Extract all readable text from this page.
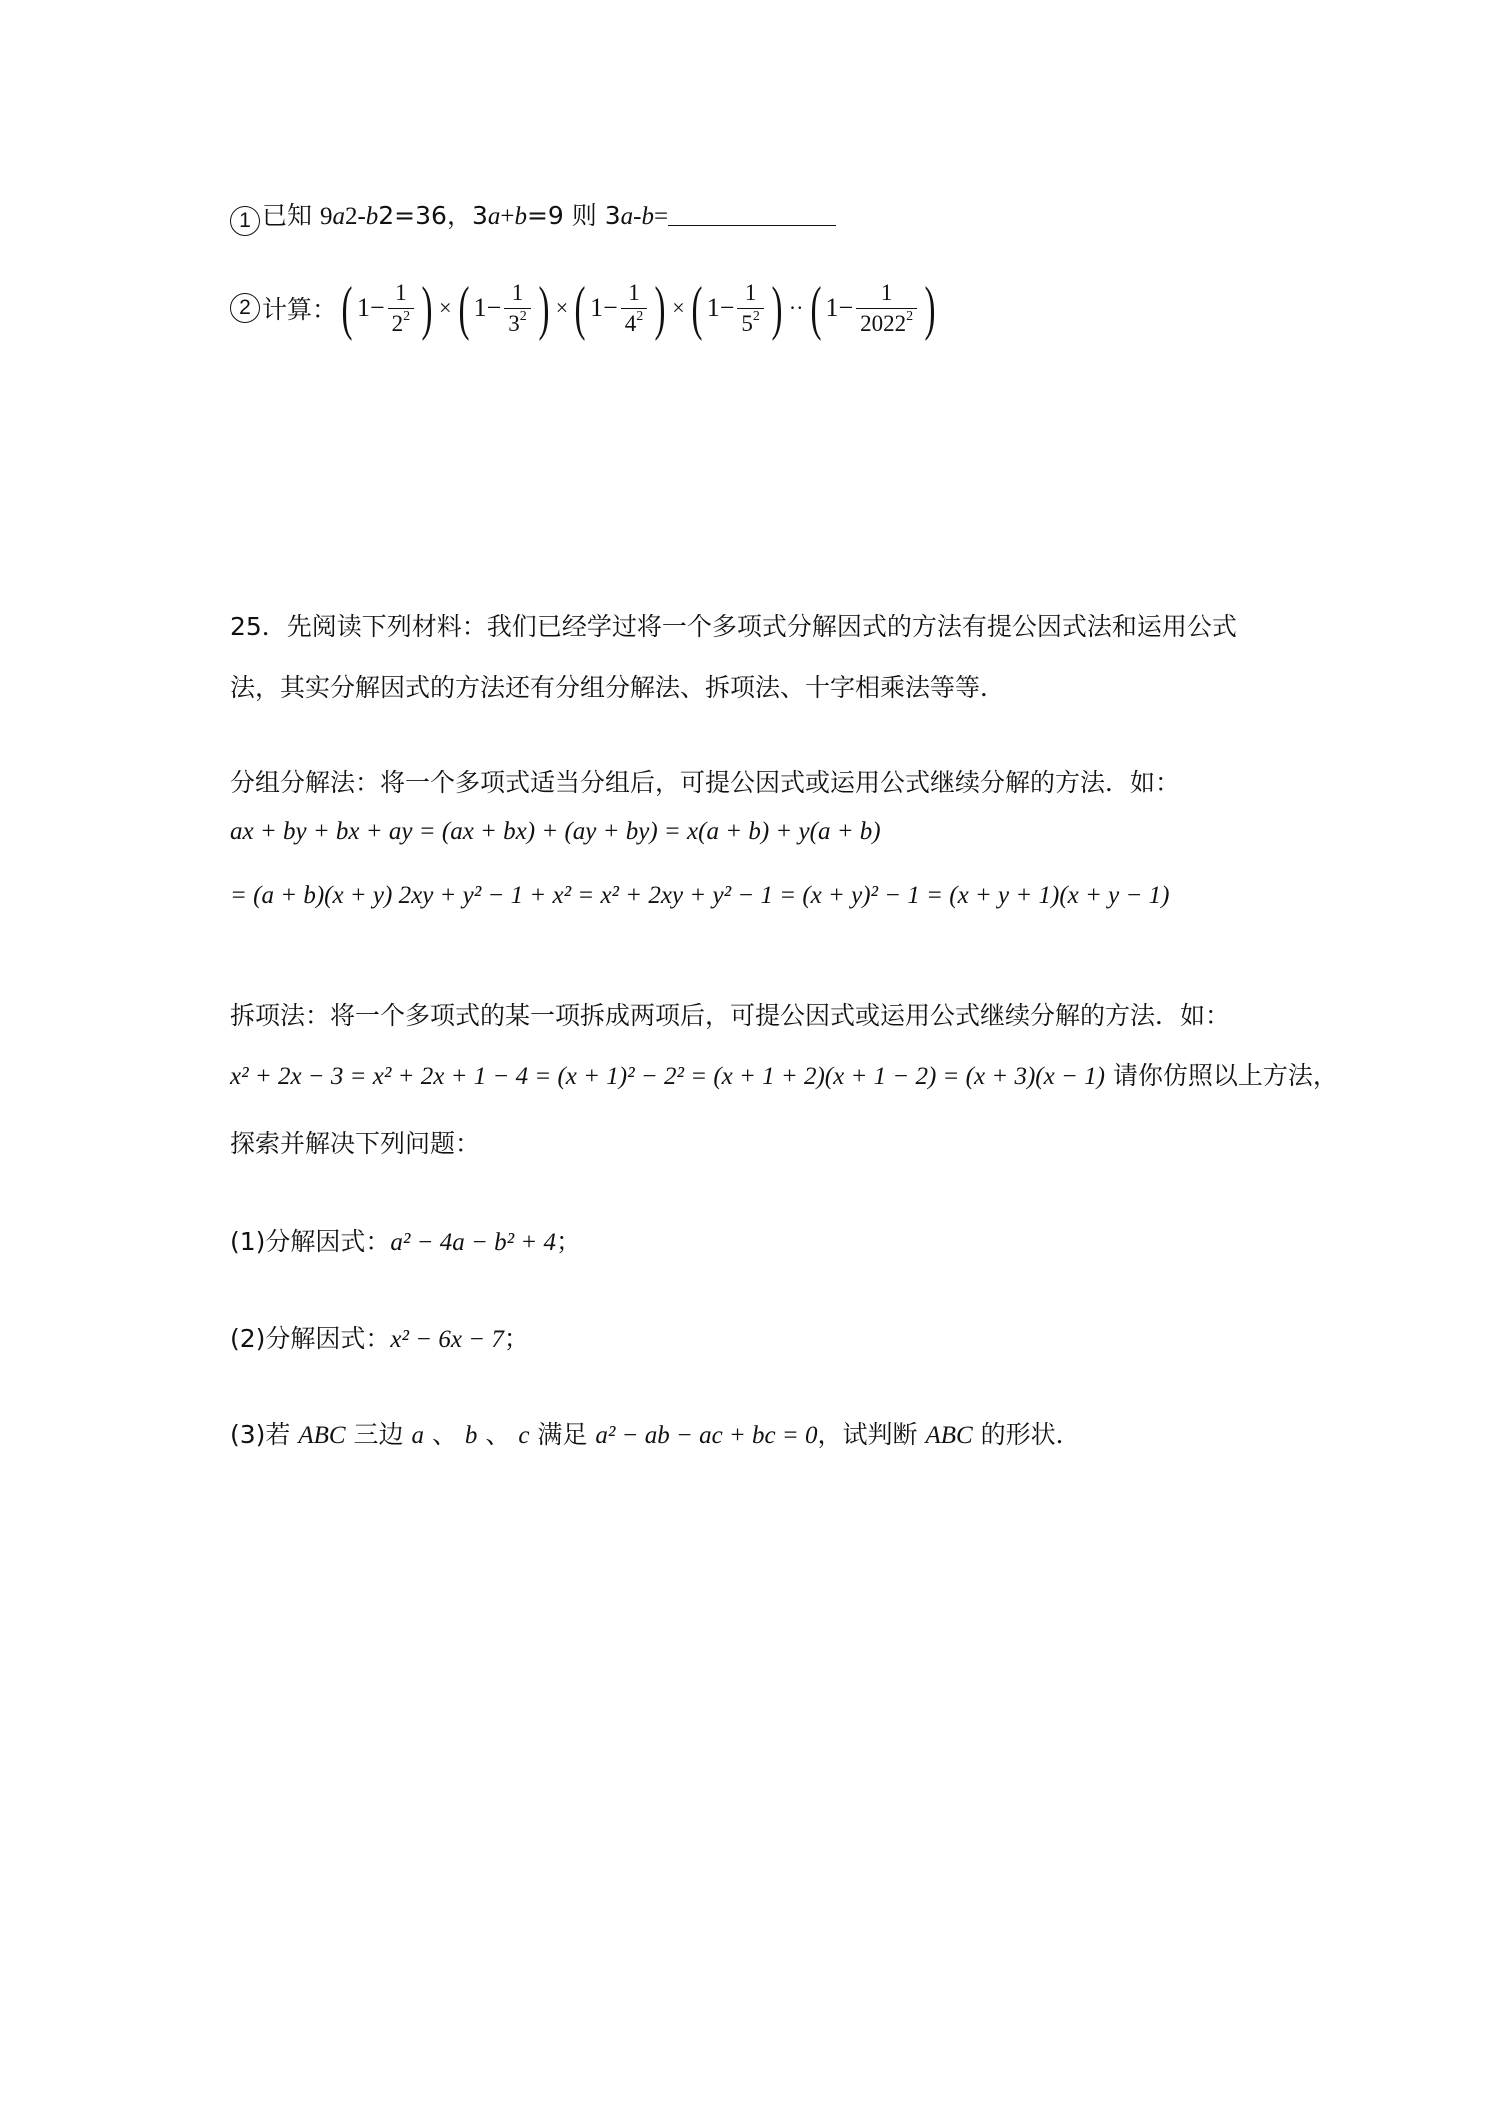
1 已知 9a2-b2=36，3a+b=9 则 3a-b=
2 计算： ( $1- \frac{1}{2^2}$ ) × ( $1- \frac{1}{3^2}$ ) × ( $1- \frac{1}{4^2}$ ) × ( $1- \frac{1}{5^2}$ ) ·· ( $1- \frac{1}{2022^2}$ )
25．先阅读下列材料：我们已经学过将一个多项式分解因式的方法有提公因式法和运用公式
法，其实分解因式的方法还有分组分解法、拆项法、十字相乘法等等．
分组分解法：将一个多项式适当分组后，可提公因式或运用公式继续分解的方法．如：
ax + by + bx + ay = (ax + bx) + (ay + by) = x(a + b) + y(a + b)
= (a + b)(x + y) 2xy + y² − 1 + x² = x² + 2xy + y² − 1 = (x + y)² − 1 = (x + y + 1)(x + y − 1)
拆项法：将一个多项式的某一项拆成两项后，可提公因式或运用公式继续分解的方法．如：
x² + 2x − 3 = x² + 2x + 1 − 4 = (x + 1)² − 2² = (x + 1 + 2)(x + 1 − 2) = (x + 3)(x − 1) 请你仿照以上方法，
探索并解决下列问题：
(1)分解因式：a² − 4a − b² + 4；
(2)分解因式：x² − 6x − 7；
(3)若 ABC 三边 a 、 b 、 c 满足 a² − ab − ac + bc = 0，试判断 ABC 的形状．
